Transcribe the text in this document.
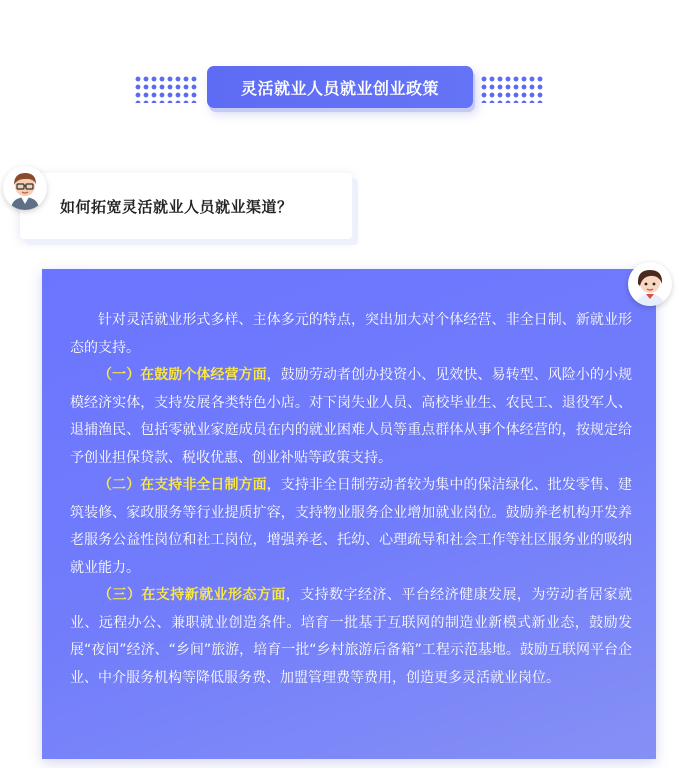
灵活就业人员就业创业政策
如何拓宽灵活就业人员就业渠道？

针对灵活就业形式多样、主体多元的特点，突出加大对个体经营、非全日制、新就业形态的支持。

（一）在鼓励个体经营方面，鼓励劳动者创办投资小、见效快、易转型、风险小的小规模经济实体，支持发展各类特色小店。对下岗失业人员、高校毕业生、农民工、退役军人、退捕渔民、包括零就业家庭成员在内的就业困难人员等重点群体从事个体经营的，按规定给予创业担保贷款、税收优惠、创业补贴等政策支持。

（二）在支持非全日制方面，支持非全日制劳动者较为集中的保洁绿化、批发零售、建筑装修、家政服务等行业提质扩容，支持物业服务企业增加就业岗位。鼓励养老机构开发养老服务公益性岗位和社工岗位，增强养老、托幼、心理疏导和社会工作等社区服务业的吸纳就业能力。

（三）在支持新就业形态方面，支持数字经济、平台经济健康发展，为劳动者居家就业、远程办公、兼职就业创造条件。培育一批基于互联网的制造业新模式新业态，鼓励发展“夜间”经济、“乡间”旅游，培育一批“乡村旅游后备箱”工程示范基地。鼓励互联网平台企业、中介服务机构等降低服务费、加盟管理费等费用，创造更多灵活就业岗位。
